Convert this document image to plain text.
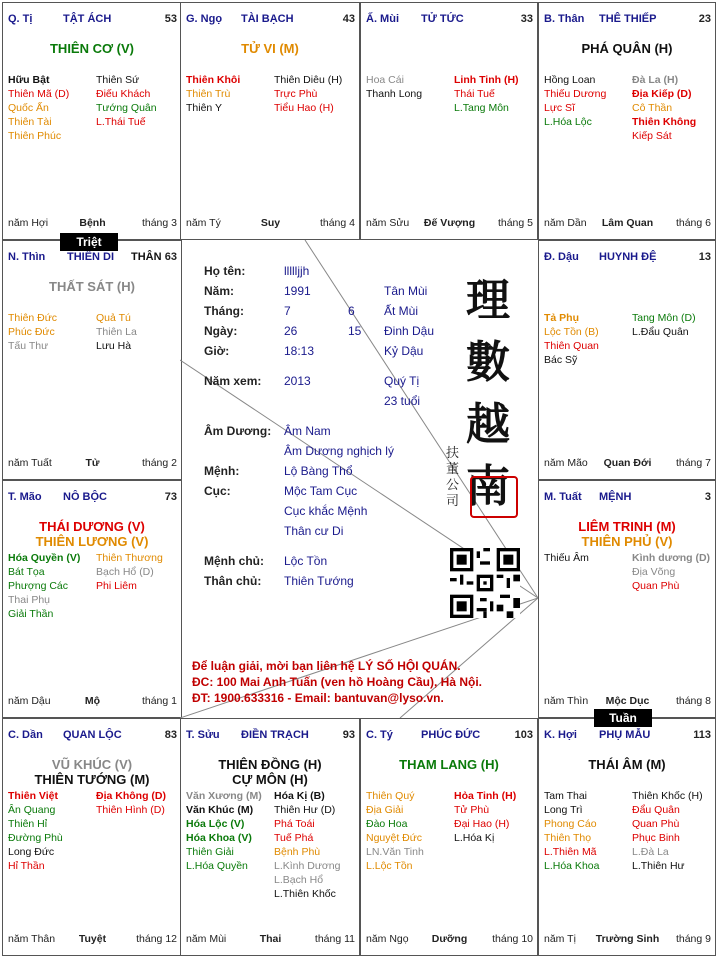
Q. Tị	TẬT ÁCH	53
THIÊN CƠ (V)
Hữu Bật
Thiên Mã (D)
Quốc Ấn
Thiên Tài
Thiên Phúc
Thiên Sứ
Điếu Khách
Tướng Quân
L.Thái Tuế
Bệnh
năm Hợi	tháng 3
G. Ngọ TÀI BẠCH	43
TỬ VI (M)
Thiên Khôi
Thiên Trù
Thiên Y
Thiên Diêu (H)
Trực Phù
Tiểu Hao (H)
Suy
năm Tý	tháng 4
Ấ. Mùi TỬ TỨC	33
Hoa Cái
Thanh Long
Linh Tinh (H)
Thái Tuế
L.Tang Môn
Đế Vượng
năm Sửu	tháng 5
B. Thân THÊ THIẾP	23
PHÁ QUÂN (H)
Hồng Loan
Thiếu Dương
Lực Sĩ
L.Hóa Lộc
Đà La (H)
Địa Kiếp (D)
Cô Thần
Thiên Không
Kiếp Sát
Lâm Quan
năm Dần	tháng 6
N. Thìn THIÊN DI THÂN 63
THẤT SÁT (H)
Thiên Đức
Phúc Đức
Tấu Thư
Quả Tú
Thiên La
Lưu Hà
Tử
năm Tuất	tháng 2
Đ. Dậu HUYNH ĐỆ	13
Tả Phụ
Lộc Tồn (B)
Thiên Quan
Bác Sỹ
Tang Môn (D)
L.Đẩu Quân
Quan Đới
năm Mão	tháng 7
T. Mão NÔ BỘC	73
THÁI DƯƠNG (V)
THIÊN LƯƠNG (V)
Hóa Quyền (V)
Bát Tọa
Phượng Các
Thai Phụ
Giải Thần
Thiên Thương
Bạch Hổ (D)
Phi Liêm
Mộ
năm Dậu	tháng 1
M. Tuất MỆNH	3
LIÊM TRINH (M)
THIÊN PHỦ (V)
Thiếu Âm	Kình dương (D)
Địa Võng
Quan Phù
Mộc Dục
năm Thìn	tháng 8
C. Dần QUAN LỘC	83
VŨ KHÚC (V)
THIÊN TƯỚNG (M)
Thiên Việt
Ân Quang
Thiên Hỉ
Đường Phù
Long Đức
Hỉ Thần
Địa Không (D)
Thiên Hình (D)
Tuyệt
năm Thân	tháng 12
T. Sửu ĐIỀN TRẠCH	93
THIÊN ĐỒNG (H)
CỰ MÔN (H)
Văn Xương (M)
Văn Khúc (M)
Hóa Lộc (V)
Hóa Khoa (V)
Thiên Giải
L.Hóa Quyền
Hóa Kị (B)
Thiên Hư (D)
Phá Toái
Tuế Phá
Bệnh Phù
L.Kình Dương
L.Bạch Hổ
L.Thiên Khốc
Thai
năm Mùi	tháng 11
C. Tý	PHÚC ĐỨC	103
THAM LANG (H)
Thiên Quý
Địa Giải
Đào Hoa
Nguyệt Đức
LN.Văn Tinh
L.Lộc Tồn
Hỏa Tinh (H)
Tử Phù
Đại Hao (H)
L.Hóa Kị
Dưỡng
năm Ngọ	tháng 10
K. Hợi PHỤ MẪU	113
THÁI ÂM (M)
Tam Thai
Long Trì
Phong Cáo
Thiên Thọ
L.Thiên Mã
L.Hóa Khoa
Thiên Khốc (H)
Đẩu Quân
Quan Phù
Phục Binh
L.Đà La
L.Thiên Hư
Trường Sinh
năm Tị	tháng 9
Họ tên:	llllljjh
Năm:	1991	Tân Mùi
Tháng:	7	6 Ất Mùi
Ngày:	26	15 Đinh Dậu
Giờ:	18:13	Kỷ Dậu
Năm xem: 2013	Quý Tị
23 tuổi
Âm Dương: Âm Nam
Âm Dương nghịch lý
Mệnh:	Lộ Bàng Thổ
Cục:	Mộc Tam Cục
Cục khắc Mệnh
Thân cư Di
Mệnh chủ: Lộc Tồn
Thân chủ: Thiên Tướng
理數越南
扶董公司
Để luận giải, mời bạn liên hệ LÝ SỐ HỘI QUÁN.
ĐC: 100 Mai Anh Tuấn (ven hồ Hoàng Cầu), Hà Nội.
ĐT: 1900.633316 - Email: bantuvan@lyso.vn.
Triệt
Tuần
